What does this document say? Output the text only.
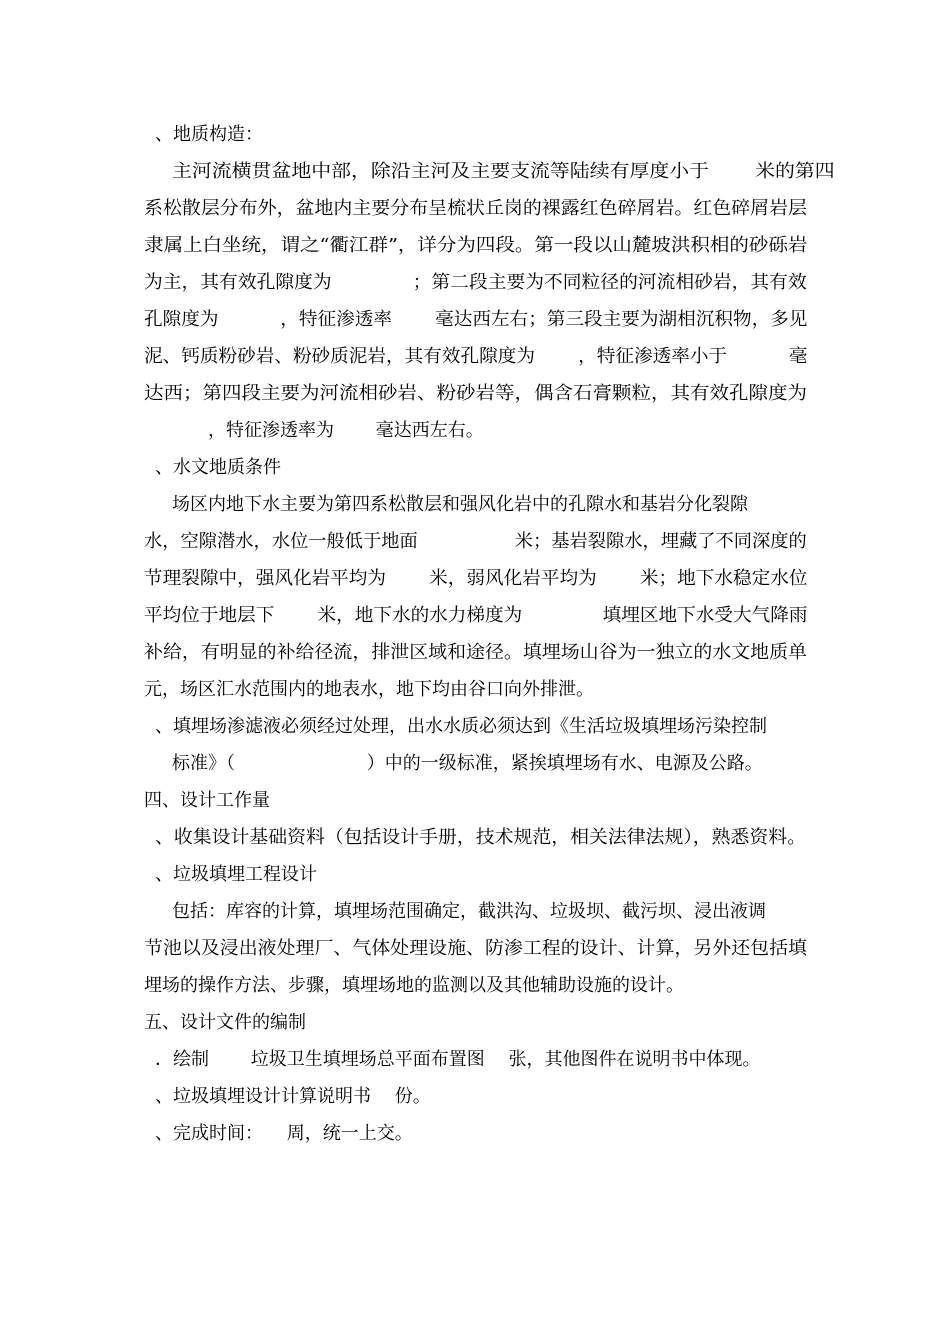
、地质构造：

主河流横贯盆地中部，除沿主河及主要支流等陆续有厚度小于 　　米的第四

系松散层分布外，盆地内主要分布呈梳状丘岗的裸露红色碎屑岩。红色碎屑岩层

隶属上白坐统，谓之“衢江群”，详分为四段。第一段以山麓坡洪积相的砂砾岩

为主，其有效孔隙度为 　　　　；第二段主要为不同粒径的河流相砂岩，其有效

孔隙度为 　　　，特征渗透率 　　毫达西左右；第三段主要为湖相沉积物，多见

泥、钙质粉砂岩、粉砂质泥岩，其有效孔隙度为 　　，特征渗透率小于 　　　毫

达西；第四段主要为河流相砂岩、粉砂岩等，偶含石膏颗粒，其有效孔隙度为

　　，特征渗透率为 　　毫达西左右。

、水文地质条件

场区内地下水主要为第四系松散层和强风化岩中的孔隙水和基岩分化裂隙

水，空隙潜水，水位一般低于地面 　　　　　米；基岩裂隙水，埋藏了不同深度的

节理裂隙中，强风化岩平均为 　　米，弱风化岩平均为 　　米；地下水稳定水位

平均位于地层下 　　米，地下水的水力梯度为 　　　　填埋区地下水受大气降雨

补给，有明显的补给径流，排泄区域和途径。填埋场山谷为一独立的水文地质单

元，场区汇水范围内的地表水，地下均由谷口向外排泄。

、填埋场渗滤液必须经过处理，出水水质必须达到《生活垃圾填埋场污染控制

标准》（ 　　　　　　　）中的一级标准，紧挨填埋场有水、电源及公路。

四、设计工作量

、收集设计基础资料（包括设计手册，技术规范，相关法律法规），熟悉资料。

、垃圾填埋工程设计

包括：库容的计算，填埋场范围确定，截洪沟、垃圾坝、截污坝、浸出液调

节池以及浸出液处理厂、气体处理设施、防渗工程的设计、计算，另外还包括填

埋场的操作方法、步骤，填埋场地的监测以及其他辅助设施的设计。

五、设计文件的编制

．绘制 　　垃圾卫生填埋场总平面布置图 　张，其他图件在说明书中体现。

、垃圾填埋设计计算说明书 　份。

、完成时间： 　周，统一上交。
